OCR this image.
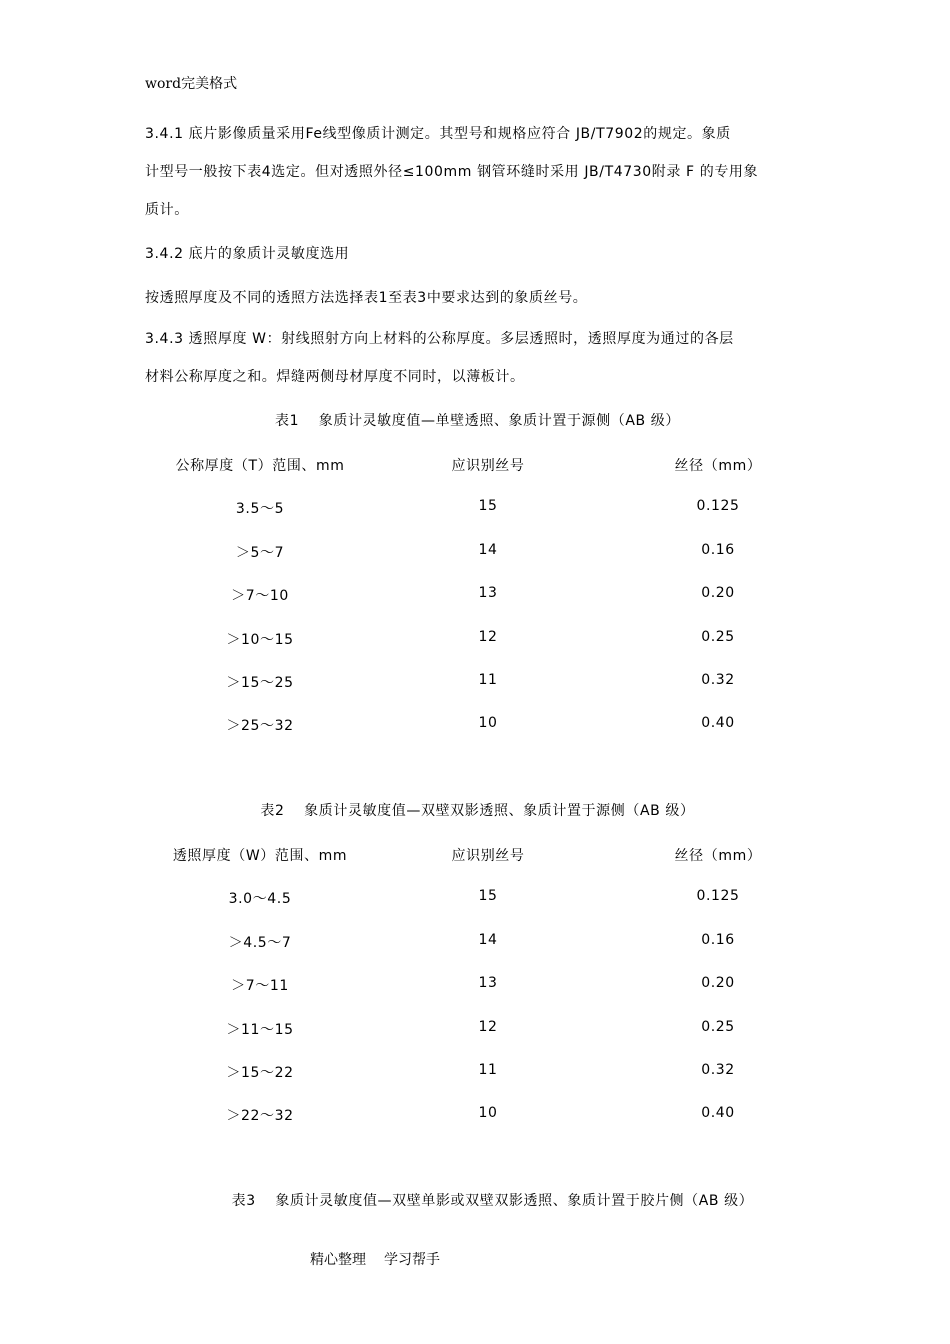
word完美格式
3.4.1 底片影像质量采用Fe线型像质计测定。其型号和规格应符合 JB/T7902的规定。象质
计型号一般按下表4选定。但对透照外径≤100mm 钢管环缝时采用 JB/T4730附录 F 的专用象
质计。
3.4.2 底片的象质计灵敏度选用
按透照厚度及不同的透照方法选择表1至表3中要求达到的象质丝号。
3.4.3 透照厚度 W：射线照射方向上材料的公称厚度。多层透照时，透照厚度为通过的各层
材料公称厚度之和。焊缝两侧母材厚度不同时，以薄板计。
表1　 象质计灵敏度值—单壁透照、象质计置于源侧（AB 级）
公称厚度（T）范围、mm	应识别丝号	丝径（mm）
3.5～5	15	0.125
＞5～7	14	0.16
＞7～10	13	0.20
＞10～15	12	0.25
＞15～25	11	0.32
＞25～32	10	0.40
表2　 象质计灵敏度值—双壁双影透照、象质计置于源侧（AB 级）
透照厚度（W）范围、mm	应识别丝号	丝径（mm）
3.0～4.5	15	0.125
＞4.5～7	14	0.16
＞7～11	13	0.20
＞11～15	12	0.25
＞15～22	11	0.32
＞22～32	10	0.40
表3　 象质计灵敏度值—双壁单影或双壁双影透照、象质计置于胶片侧（AB 级）
精心整理 学习帮手
